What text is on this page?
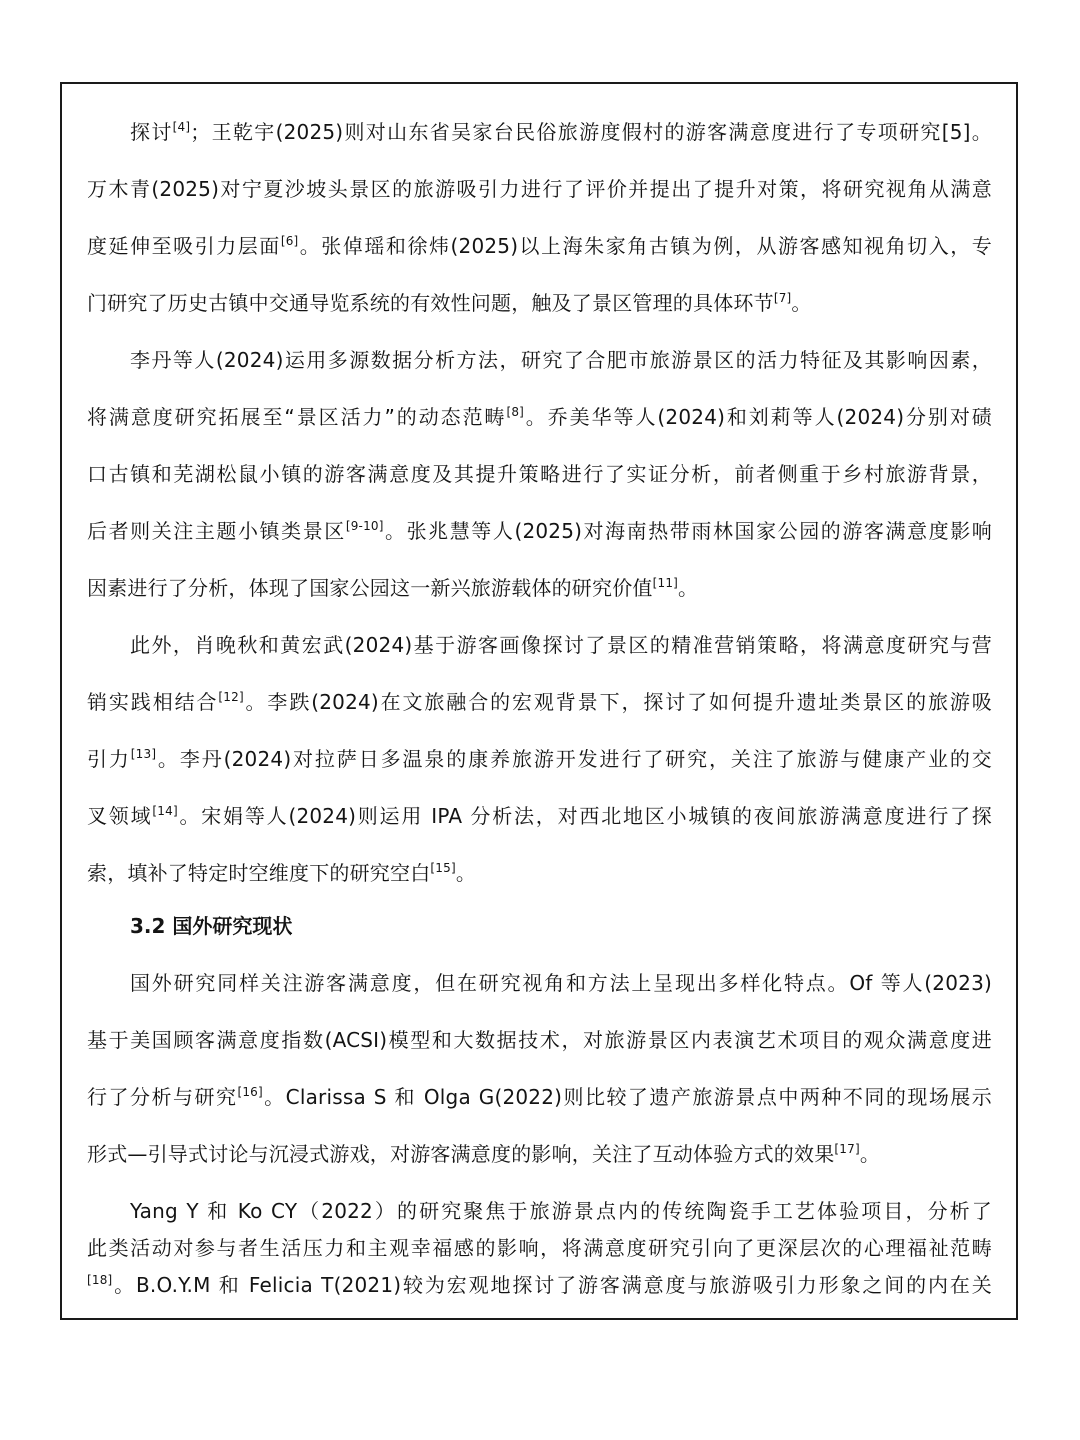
探讨[4]；王乾宇(2025)则对山东省吴家台民俗旅游度假村的游客满意度进行了专项研究[5]。
万木青(2025)对宁夏沙坡头景区的旅游吸引力进行了评价并提出了提升对策，将研究视角从满意
度延伸至吸引力层面[6]。张倬瑶和徐炜(2025)以上海朱家角古镇为例，从游客感知视角切入，专
门研究了历史古镇中交通导览系统的有效性问题，触及了景区管理的具体环节[7]。
李丹等人(2024)运用多源数据分析方法，研究了合肥市旅游景区的活力特征及其影响因素，
将满意度研究拓展至“景区活力”的动态范畴[8]。乔美华等人(2024)和刘莉等人(2024)分别对碛
口古镇和芜湖松鼠小镇的游客满意度及其提升策略进行了实证分析，前者侧重于乡村旅游背景，
后者则关注主题小镇类景区[9-10]。张兆慧等人(2025)对海南热带雨林国家公园的游客满意度影响
因素进行了分析，体现了国家公园这一新兴旅游载体的研究价值[11]。
此外，肖晚秋和黄宏武(2024)基于游客画像探讨了景区的精准营销策略，将满意度研究与营
销实践相结合[12]。李跌(2024)在文旅融合的宏观背景下，探讨了如何提升遗址类景区的旅游吸
引力[13]。李丹(2024)对拉萨日多温泉的康养旅游开发进行了研究，关注了旅游与健康产业的交
叉领域[14]。宋娟等人(2024)则运用 IPA 分析法，对西北地区小城镇的夜间旅游满意度进行了探
索，填补了特定时空维度下的研究空白[15]。
3.2 国外研究现状
国外研究同样关注游客满意度，但在研究视角和方法上呈现出多样化特点。Of 等人(2023)
基于美国顾客满意度指数(ACSI)模型和大数据技术，对旅游景区内表演艺术项目的观众满意度进
行了分析与研究[16]。Clarissa S 和 Olga G(2022)则比较了遗产旅游景点中两种不同的现场展示
形式—引导式讨论与沉浸式游戏，对游客满意度的影响，关注了互动体验方式的效果[17]。
Yang Y 和 Ko CY（2022）的研究聚焦于旅游景点内的传统陶瓷手工艺体验项目，分析了
此类活动对参与者生活压力和主观幸福感的影响，将满意度研究引向了更深层次的心理福祉范畴
[18]。B.O.Y.M 和 Felicia T(2021)较为宏观地探讨了游客满意度与旅游吸引力形象之间的内在关
